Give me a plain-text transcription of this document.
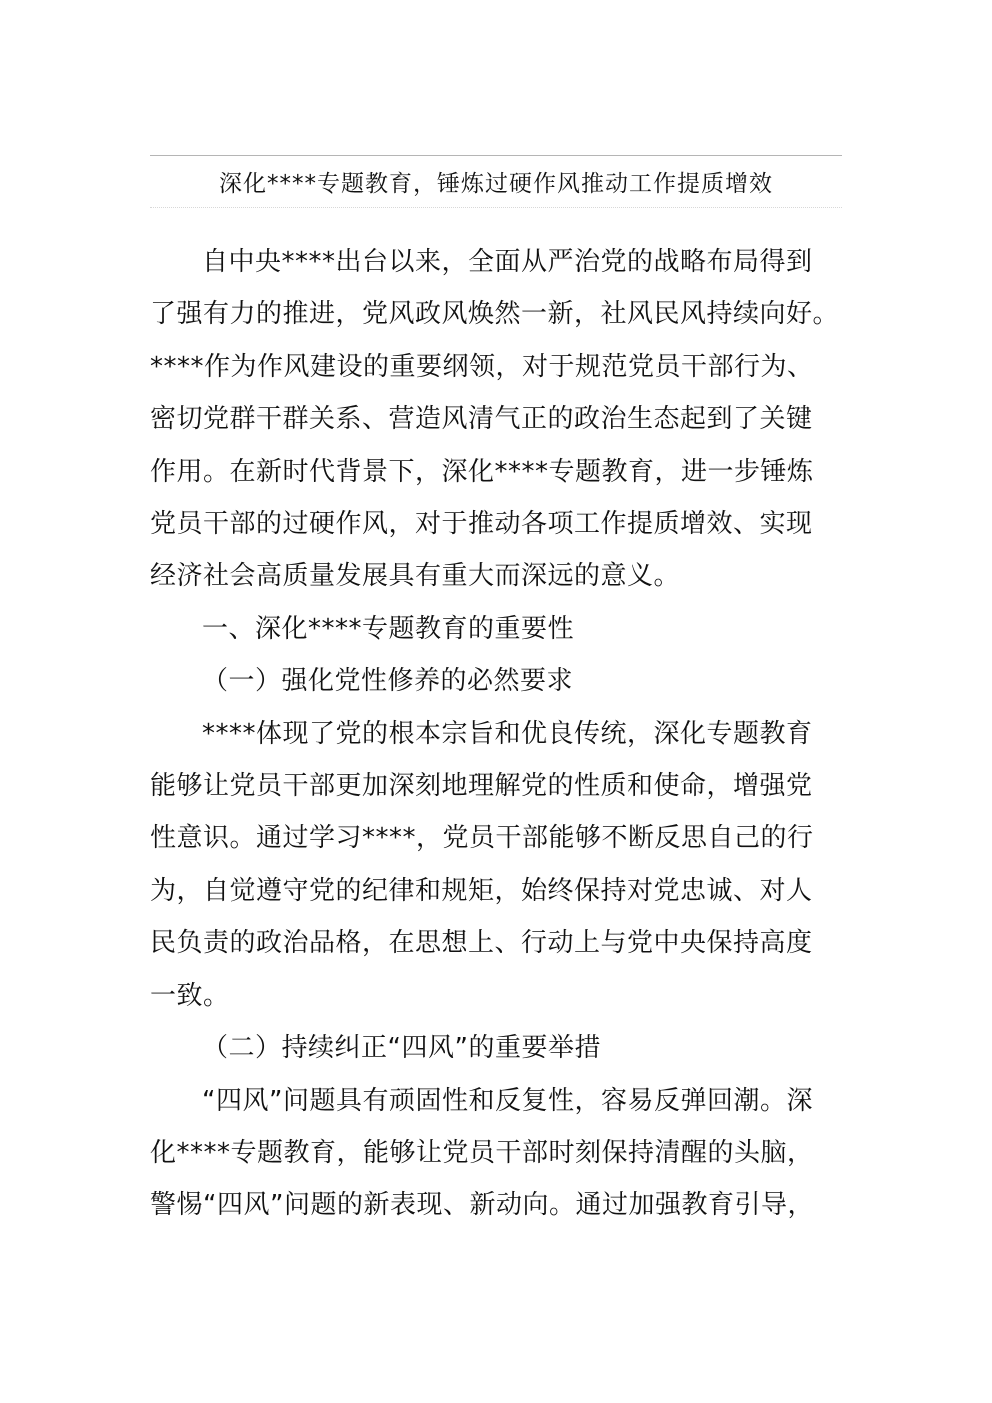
深化****专题教育，锤炼过硬作风推动工作提质增效

自中央****出台以来，全面从严治党的战略布局得到
了强有力的推进，党风政风焕然一新，社风民风持续向好。
****作为作风建设的重要纲领，对于规范党员干部行为、
密切党群干群关系、营造风清气正的政治生态起到了关键
作用。在新时代背景下，深化****专题教育，进一步锤炼
党员干部的过硬作风，对于推动各项工作提质增效、实现
经济社会高质量发展具有重大而深远的意义。

一、深化****专题教育的重要性

（一）强化党性修养的必然要求

****体现了党的根本宗旨和优良传统，深化专题教育
能够让党员干部更加深刻地理解党的性质和使命，增强党
性意识。通过学习****，党员干部能够不断反思自己的行
为，自觉遵守党的纪律和规矩，始终保持对党忠诚、对人
民负责的政治品格，在思想上、行动上与党中央保持高度
一致。

（二）持续纠正“四风”的重要举措

“四风”问题具有顽固性和反复性，容易反弹回潮。深
化****专题教育，能够让党员干部时刻保持清醒的头脑，
警惕“四风”问题的新表现、新动向。通过加强教育引导，
